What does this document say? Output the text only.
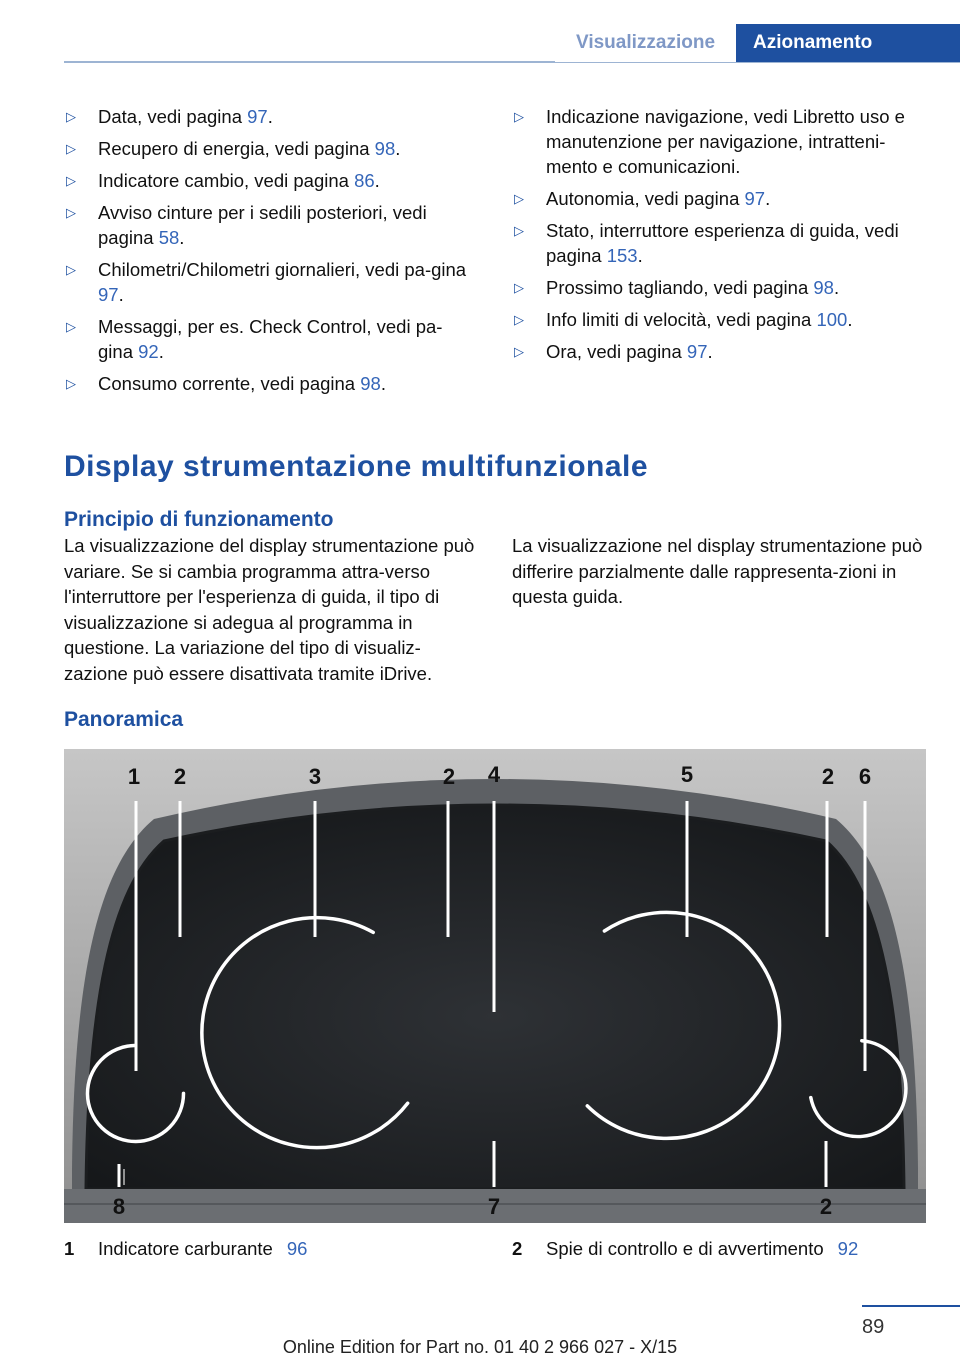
Visualizzazione	Azionamento
▷	Data, vedi pagina 97.
▷	Recupero di energia, vedi pagina 98.
▷	Indicatore cambio, vedi pagina 86.
▷	Avviso cinture per i sedili posteriori, vedi pagina 58.
▷	Chilometri/Chilometri giornalieri, vedi pa‐gina 97.
▷	Messaggi, per es. Check Control, vedi pa‐gina 92.
▷	Consumo corrente, vedi pagina 98.
▷	Indicazione navigazione, vedi Libretto uso e manutenzione per navigazione, intratteni‐mento e comunicazioni.
▷	Autonomia, vedi pagina 97.
▷	Stato, interruttore esperienza di guida, vedi pagina 153.
▷	Prossimo tagliando, vedi pagina 98.
▷	Info limiti di velocità, vedi pagina 100.
▷	Ora, vedi pagina 97.
Display strumentazione multifunzionale
Principio di funzionamento
La visualizzazione del display strumentazione può variare. Se si cambia programma attra‐verso l'interruttore per l'esperienza di guida, il tipo di visualizzazione si adegua al programma in questione. La variazione del tipo di visualiz‐zazione può essere disattivata tramite iDrive.
La visualizzazione nel display strumentazione può differire parzialmente dalle rappresenta‐zioni in questa guida.
Panoramica
1 2	3	2 4	5	2 6
8	7	2
1	Indicatore carburante 96	2	Spie di controllo e di avvertimento 92
89
Online Edition for Part no. 01 40 2 966 027 - X/15
